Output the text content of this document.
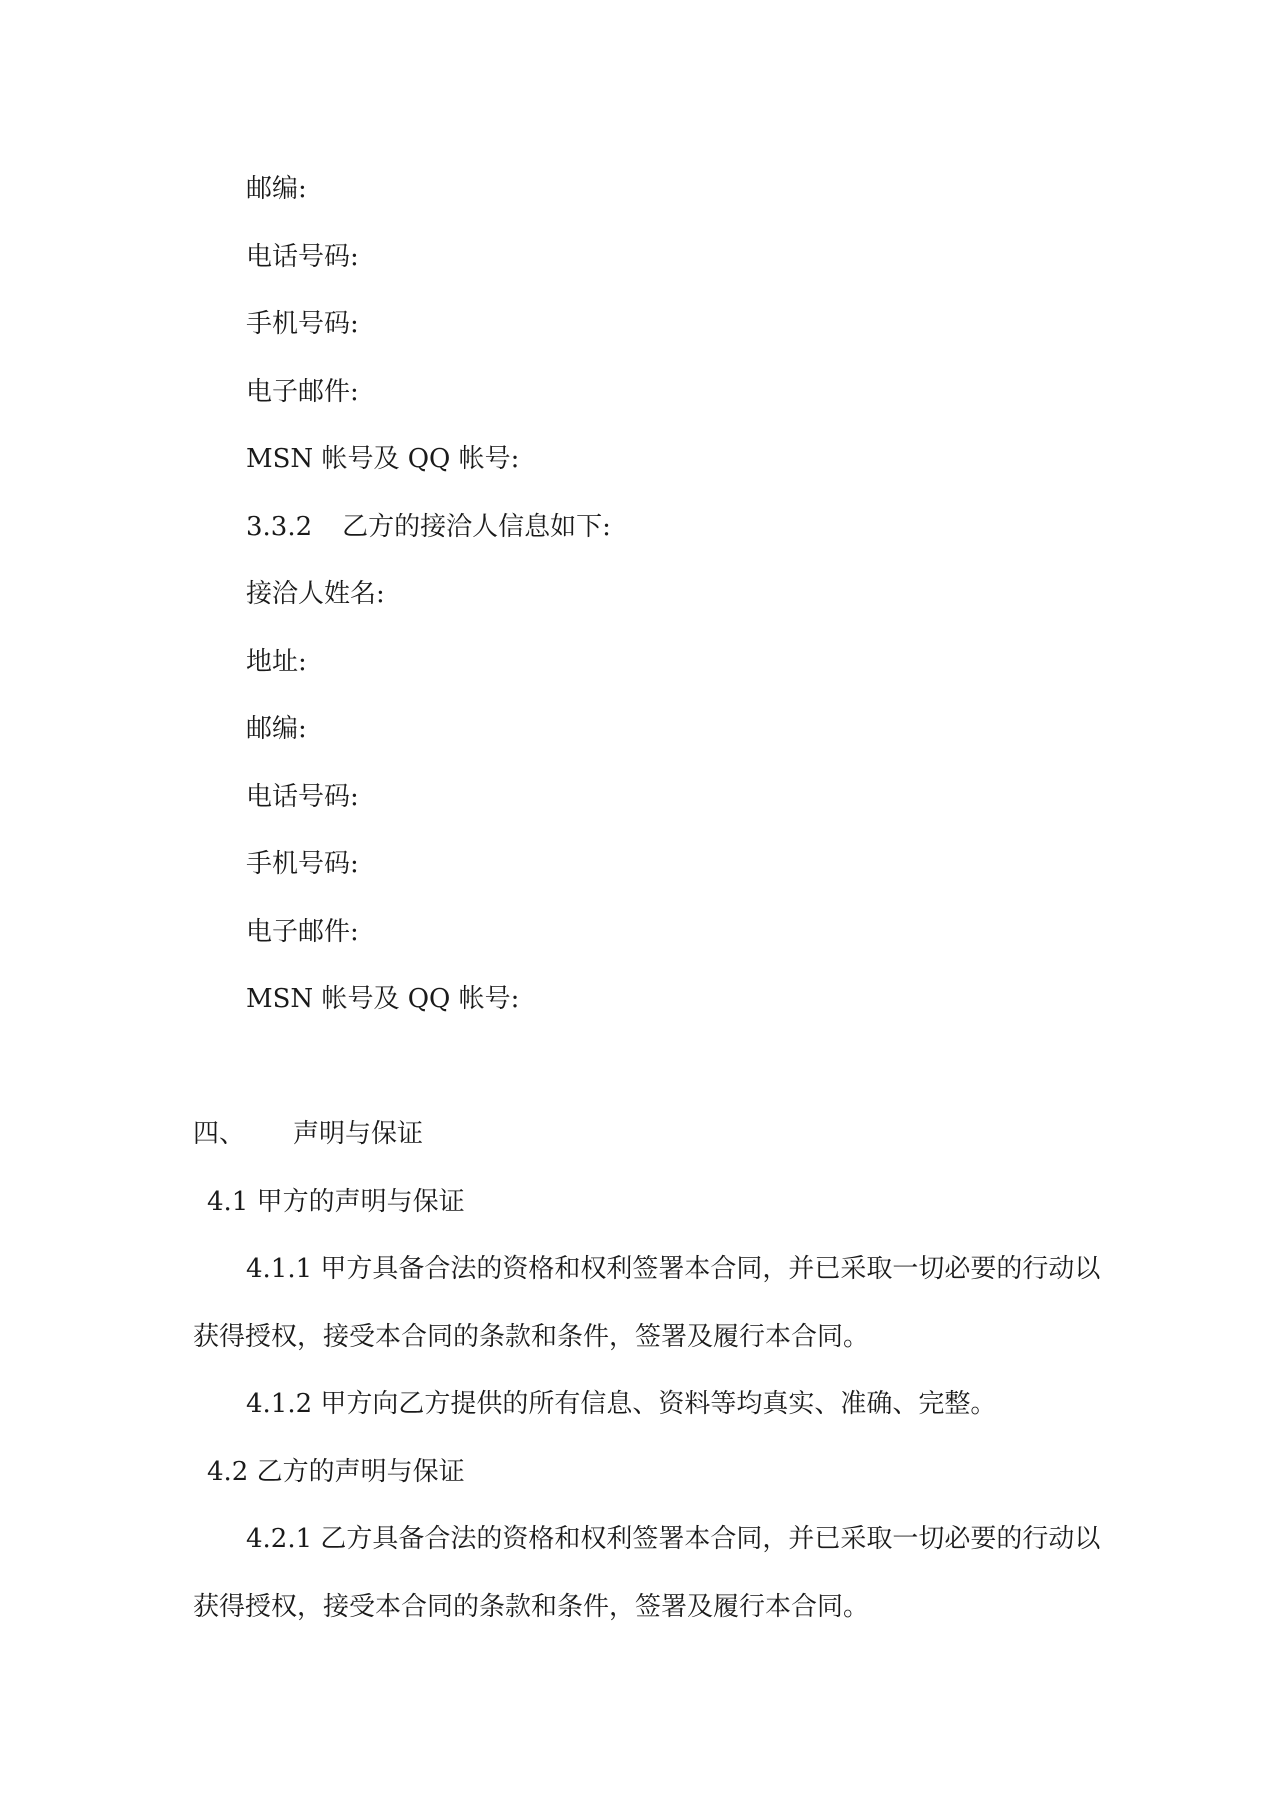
邮编:
电话号码:
手机号码:
电子邮件:
MSN 帐号及 QQ 帐号:
3.3.2 乙方的接洽人信息如下:
接洽人姓名:
地址:
邮编:
电话号码:
手机号码:
电子邮件:
MSN 帐号及 QQ 帐号:
四、 声明与保证
4.1 甲方的声明与保证
4.1.1 甲方具备合法的资格和权利签署本合同，并已采取一切必要的行动以
获得授权，接受本合同的条款和条件，签署及履行本合同。
4.1.2 甲方向乙方提供的所有信息、资料等均真实、准确、完整。
4.2 乙方的声明与保证
4.2.1 乙方具备合法的资格和权利签署本合同，并已采取一切必要的行动以
获得授权，接受本合同的条款和条件，签署及履行本合同。
